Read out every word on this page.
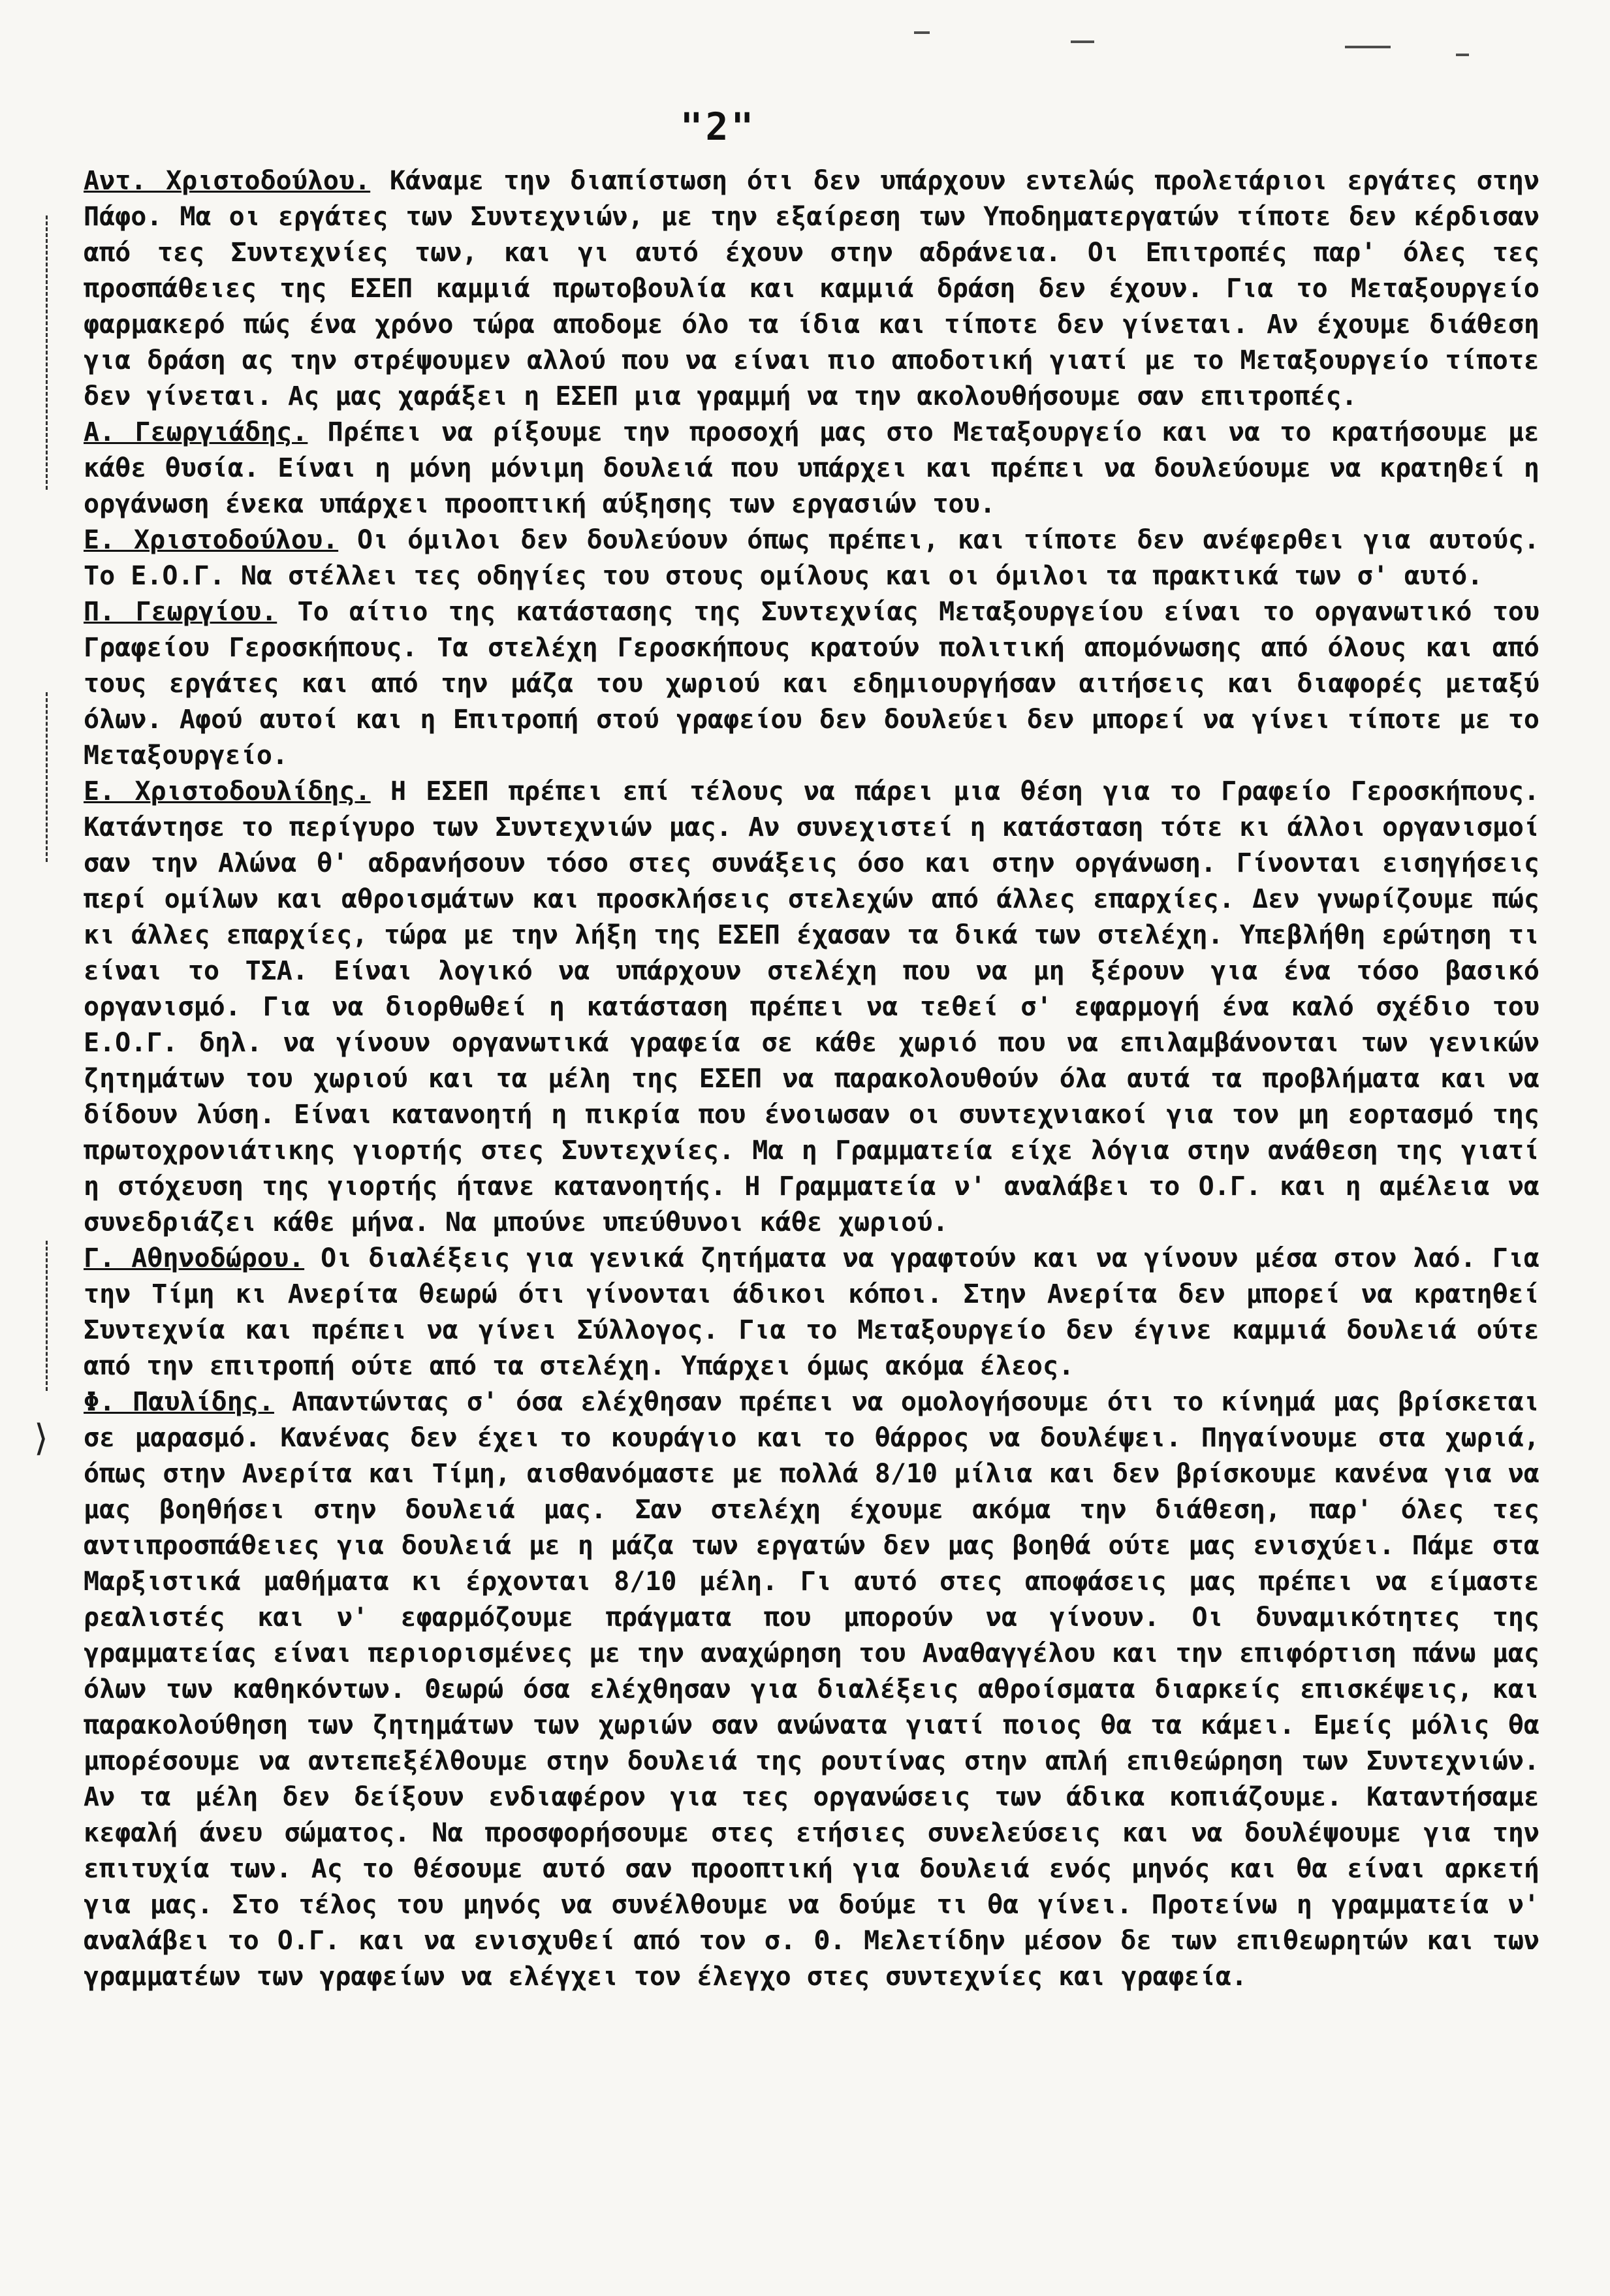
"2"
⟩

Αντ. Χριστοδούλου. Κάναμε την διαπίστωση ότι δεν υπάρχουν εντελώς προλετάριοι εργάτες στην Πάφο. Μα οι εργάτες των Συντεχνιών, με την εξαίρεση των Υποδηματεργατών τίποτε δεν κέρδισαν από τες Συντεχνίες των, και γι αυτό έχουν στην αδράνεια. Οι Επιτροπές παρ' όλες τες προσπάθειες της ΕΣΕΠ καμμιά πρωτοβουλία και καμμιά δράση δεν έχουν. Για το Μεταξουργείο φαρμακερό πώς ένα χρόνο τώρα αποδομε όλο τα ίδια και τίποτε δεν γίνεται. Αν έχουμε διάθεση για δράση ας την στρέψουμεν αλλού που να είναι πιο αποδοτική γιατί με το Μεταξουργείο τίποτε δεν γίνεται. Ας μας χαράξει η ΕΣΕΠ μια γραμμή να την ακολουθήσουμε σαν επιτροπές.

Α. Γεωργιάδης. Πρέπει να ρίξουμε την προσοχή μας στο Μεταξουργείο και να το κρατήσουμε με κάθε θυσία. Είναι η μόνη μόνιμη δουλειά που υπάρχει και πρέπει να δουλεύουμε να κρατηθεί η οργάνωση ένεκα υπάρχει προοπτική αύξησης των εργασιών του.

Ε. Χριστοδούλου. Οι όμιλοι δεν δουλεύουν όπως πρέπει, και τίποτε δεν ανέφερθει για αυτούς. Το Ε.Ο.Γ. Να στέλλει τες οδηγίες του στους ομίλους και οι όμιλοι τα πρακτικά των σ' αυτό.

Π. Γεωργίου. Το αίτιο της κατάστασης της Συντεχνίας Μεταξουργείου είναι το οργανωτικό του Γραφείου Γεροσκήπους. Τα στελέχη Γεροσκήπους κρατούν πολιτική απομόνωσης από όλους και από τους εργάτες και από την μάζα του χωριού και εδημιουργήσαν αιτήσεις και διαφορές μεταξύ όλων. Αφού αυτοί και η Επιτροπή στού γραφείου δεν δουλεύει δεν μπορεί να γίνει τίποτε με το Μεταξουργείο.

Ε. Χριστοδουλίδης. Η ΕΣΕΠ πρέπει επί τέλους να πάρει μια θέση για το Γραφείο Γεροσκήπους. Κατάντησε το περίγυρο των Συντεχνιών μας. Αν συνεχιστεί η κατάσταση τότε κι άλλοι οργανισμοί σαν την Αλώνα θ' αδρανήσουν τόσο στες συνάξεις όσο και στην οργάνωση. Γίνονται εισηγήσεις περί ομίλων και αθροισμάτων και προσκλήσεις στελεχών από άλλες επαρχίες. Δεν γνωρίζουμε πώς κι άλλες επαρχίες, τώρα με την λήξη της ΕΣΕΠ έχασαν τα δικά των στελέχη. Υπεβλήθη ερώτηση τι είναι το ΤΣΑ. Είναι λογικό να υπάρχουν στελέχη που να μη ξέρουν για ένα τόσο βασικό οργανισμό. Για να διορθωθεί η κατάσταση πρέπει να τεθεί σ' εφαρμογή ένα καλό σχέδιο του Ε.Ο.Γ. δηλ. να γίνουν οργανωτικά γραφεία σε κάθε χωριό που να επιλαμβάνονται των γενικών ζητημάτων του χωριού και τα μέλη της ΕΣΕΠ να παρακολουθούν όλα αυτά τα προβλήματα και να δίδουν λύση. Είναι κατανοητή η πικρία που ένοιωσαν οι συντεχνιακοί για τον μη εορτασμό της πρωτοχρονιάτικης γιορτής στες Συντεχνίες. Μα η Γραμματεία είχε λόγια στην ανάθεση της γιατί η στόχευση της γιορτής ήτανε κατανοητής. Η Γραμματεία ν' αναλάβει το Ο.Γ. και η αμέλεια να συνεδριάζει κάθε μήνα. Να μπούνε υπεύθυνοι κάθε χωριού.

Γ. Αθηνοδώρου. Οι διαλέξεις για γενικά ζητήματα να γραφτούν και να γίνουν μέσα στον λαό. Για την Τίμη κι Ανερίτα θεωρώ ότι γίνονται άδικοι κόποι. Στην Ανερίτα δεν μπορεί να κρατηθεί Συντεχνία και πρέπει να γίνει Σύλλογος. Για το Μεταξουργείο δεν έγινε καμμιά δουλειά ούτε από την επιτροπή ούτε από τα στελέχη. Υπάρχει όμως ακόμα έλεος.

Φ. Παυλίδης. Απαντώντας σ' όσα ελέχθησαν πρέπει να ομολογήσουμε ότι το κίνημά μας βρίσκεται σε μαρασμό. Κανένας δεν έχει το κουράγιο και το θάρρος να δουλέψει. Πηγαίνουμε στα χωριά, όπως στην Ανερίτα και Τίμη, αισθανόμαστε με πολλά 8/10 μίλια και δεν βρίσκουμε κανένα για να μας βοηθήσει στην δουλειά μας. Σαν στελέχη έχουμε ακόμα την διάθεση, παρ' όλες τες αντιπροσπάθειες για δουλειά με η μάζα των εργατών δεν μας βοηθά ούτε μας ενισχύει. Πάμε στα Μαρξιστικά μαθήματα κι έρχονται 8/10 μέλη. Γι αυτό στες αποφάσεις μας πρέπει να είμαστε ρεαλιστές και ν' εφαρμόζουμε πράγματα που μπορούν να γίνουν. Οι δυναμικότητες της γραμματείας είναι περιορισμένες με την αναχώρηση του Αναθαγγέλου και την επιφόρτιση πάνω μας όλων των καθηκόντων. Θεωρώ όσα ελέχθησαν για διαλέξεις αθροίσματα διαρκείς επισκέψεις, και παρακολούθηση των ζητημάτων των χωριών σαν ανώνατα γιατί ποιος θα τα κάμει. Εμείς μόλις θα μπορέσουμε να αντεπεξέλθουμε στην δουλειά της ρουτίνας στην απλή επιθεώρηση των Συντεχνιών. Αν τα μέλη δεν δείξουν ενδιαφέρον για τες οργανώσεις των άδικα κοπιάζουμε. Καταντήσαμε κεφαλή άνευ σώματος. Να προσφορήσουμε στες ετήσιες συνελεύσεις και να δουλέψουμε για την επιτυχία των. Ας το θέσουμε αυτό σαν προοπτική για δουλειά ενός μηνός και θα είναι αρκετή για μας. Στο τέλος του μηνός να συνέλθουμε να δούμε τι θα γίνει. Προτείνω η γραμματεία ν' αναλάβει το Ο.Γ. και να ενισχυθεί από τον σ. Θ. Μελετίδην μέσον δε των επιθεωρητών και των γραμματέων των γραφείων να ελέγχει τον έλεγχο στες συντεχνίες και γραφεία.
